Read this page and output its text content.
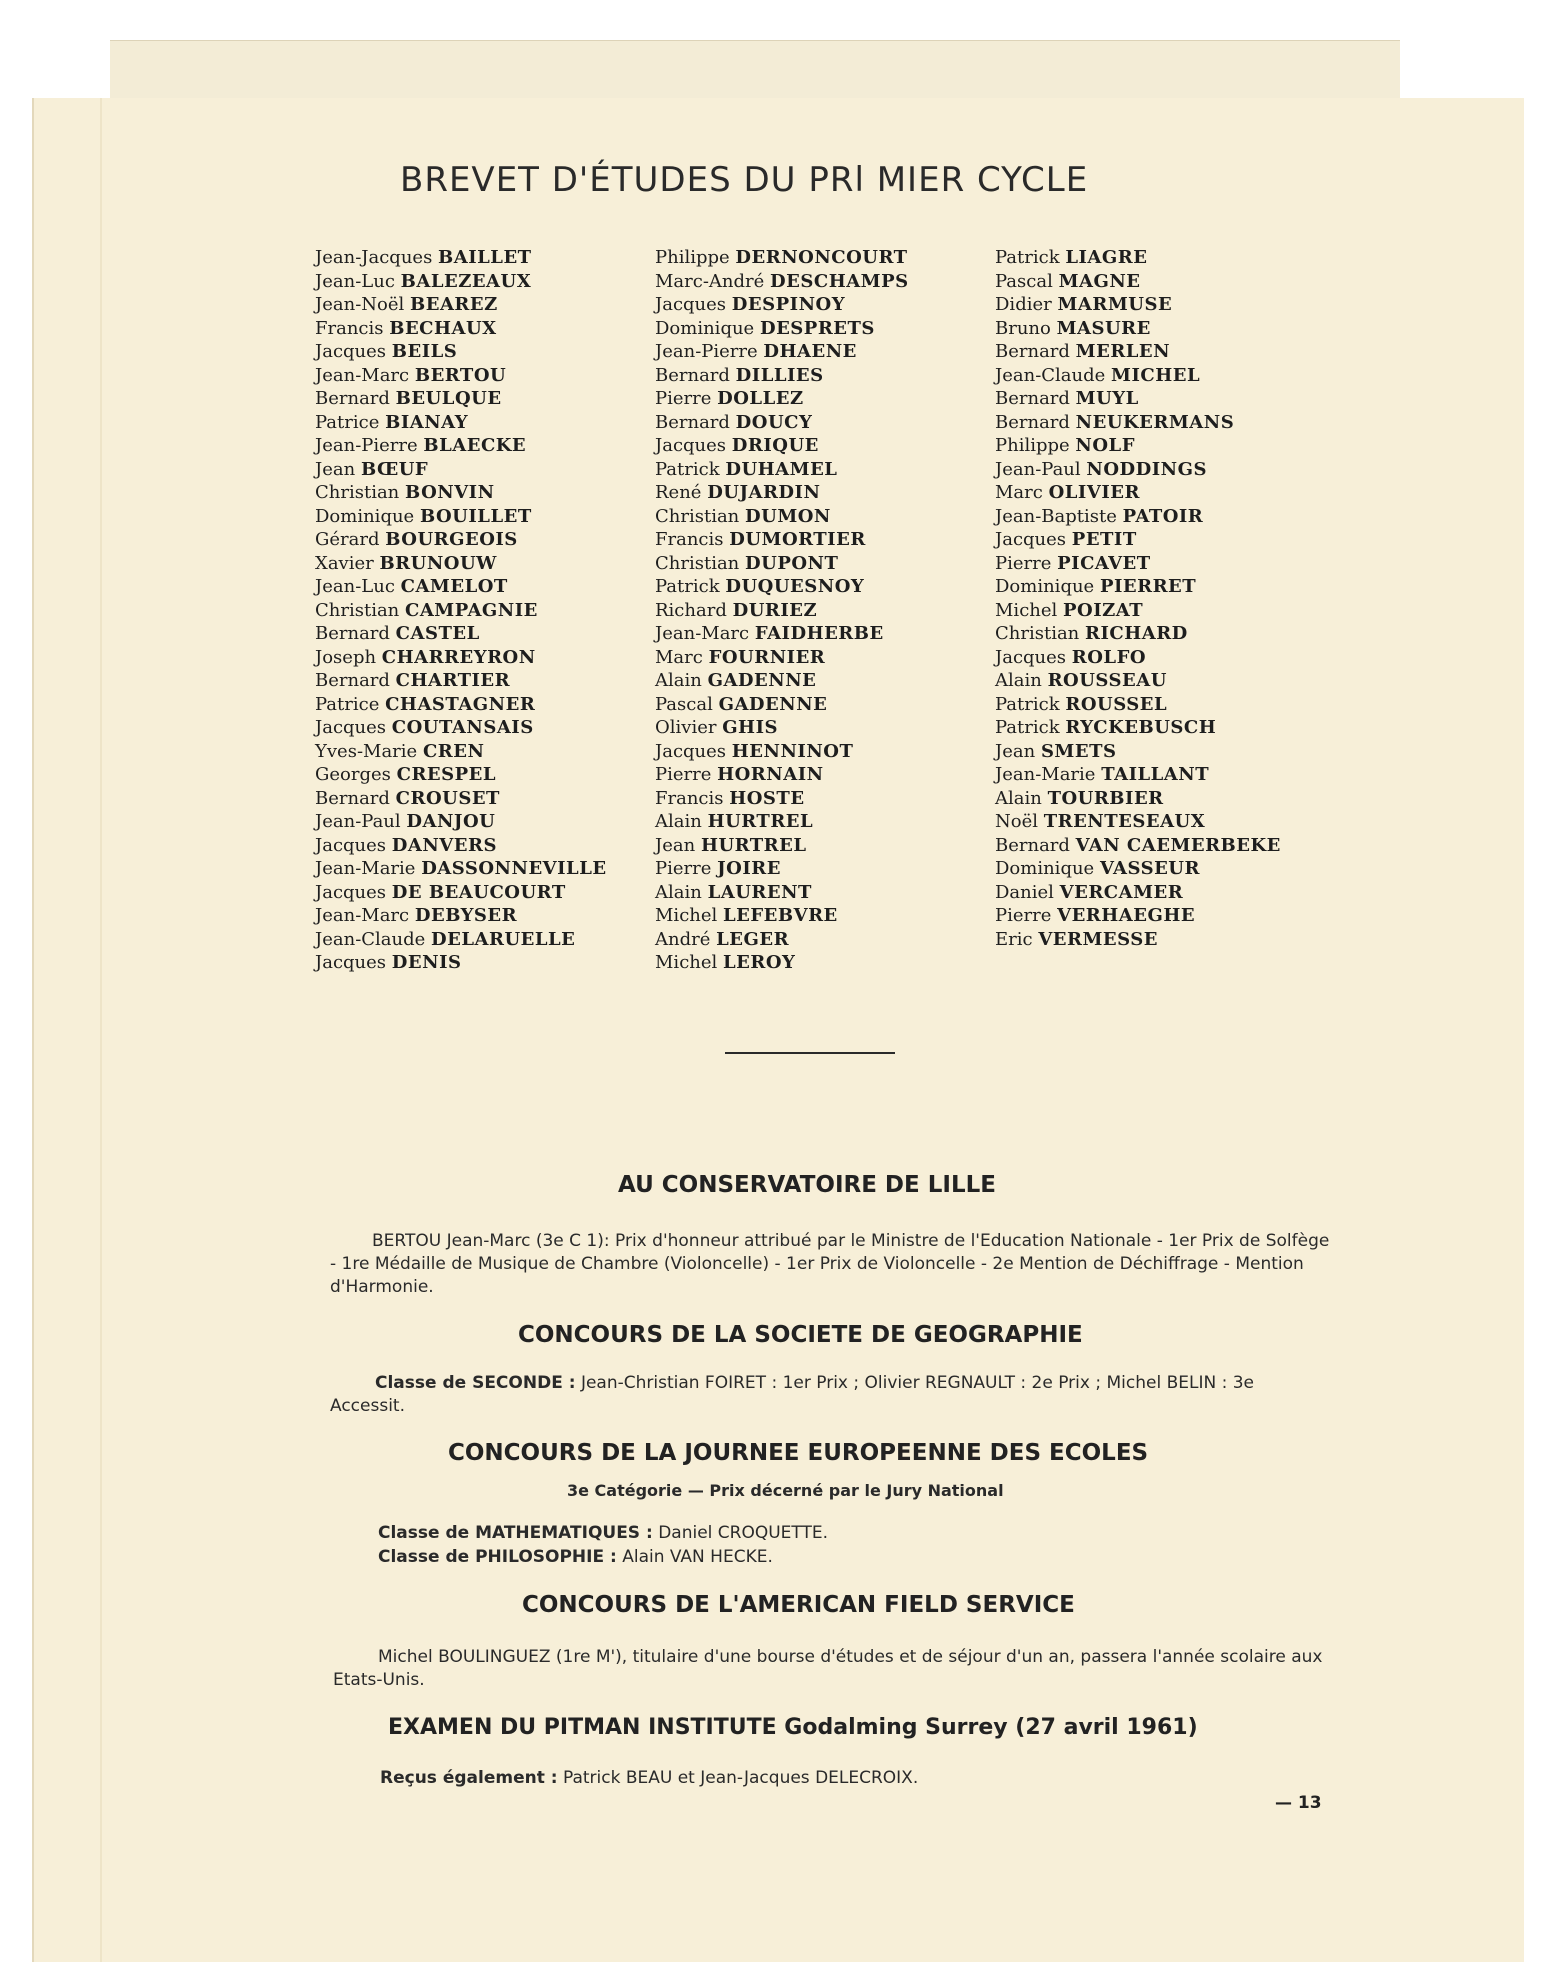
BREVET D'ÉTUDES DU PRl MIER CYCLE
Jean-Jacques BAILLET
Jean-Luc BALEZEAUX
Jean-Noël BEAREZ
Francis BECHAUX
Jacques BEILS
Jean-Marc BERTOU
Bernard BEULQUE
Patrice BIANAY
Jean-Pierre BLAECKE
Jean BŒUF
Christian BONVIN
Dominique BOUILLET
Gérard BOURGEOIS
Xavier BRUNOUW
Jean-Luc CAMELOT
Christian CAMPAGNIE
Bernard CASTEL
Joseph CHARREYRON
Bernard CHARTIER
Patrice CHASTAGNER
Jacques COUTANSAIS
Yves-Marie CREN
Georges CRESPEL
Bernard CROUSET
Jean-Paul DANJOU
Jacques DANVERS
Jean-Marie DASSONNEVILLE
Jacques DE BEAUCOURT
Jean-Marc DEBYSER
Jean-Claude DELARUELLE
Jacques DENIS
Philippe DERNONCOURT
Marc-André DESCHAMPS
Jacques DESPINOY
Dominique DESPRETS
Jean-Pierre DHAENE
Bernard DILLIES
Pierre DOLLEZ
Bernard DOUCY
Jacques DRIQUE
Patrick DUHAMEL
René DUJARDIN
Christian DUMON
Francis DUMORTIER
Christian DUPONT
Patrick DUQUESNOY
Richard DURIEZ
Jean-Marc FAIDHERBE
Marc FOURNIER
Alain GADENNE
Pascal GADENNE
Olivier GHIS
Jacques HENNINOT
Pierre HORNAIN
Francis HOSTE
Alain HURTREL
Jean HURTREL
Pierre JOIRE
Alain LAURENT
Michel LEFEBVRE
André LEGER
Michel LEROY
Patrick LIAGRE
Pascal MAGNE
Didier MARMUSE
Bruno MASURE
Bernard MERLEN
Jean-Claude MICHEL
Bernard MUYL
Bernard NEUKERMANS
Philippe NOLF
Jean-Paul NODDINGS
Marc OLIVIER
Jean-Baptiste PATOIR
Jacques PETIT
Pierre PICAVET
Dominique PIERRET
Michel POIZAT
Christian RICHARD
Jacques ROLFO
Alain ROUSSEAU
Patrick ROUSSEL
Patrick RYCKEBUSCH
Jean SMETS
Jean-Marie TAILLANT
Alain TOURBIER
Noël TRENTESEAUX
Bernard VAN CAEMERBEKE
Dominique VASSEUR
Daniel VERCAMER
Pierre VERHAEGHE
Eric VERMESSE
AU CONSERVATOIRE DE LILLE
BERTOU Jean-Marc (3e C 1): Prix d'honneur attribué par le Ministre de l'Education Nationale - 1er Prix de Solfège - 1re Médaille de Musique de Chambre (Violoncelle) - 1er Prix de Violoncelle - 2e Mention de Déchiffrage - Mention d'Harmonie.
CONCOURS DE LA SOCIETE DE GEOGRAPHIE
Classe de SECONDE : Jean-Christian FOIRET : 1er Prix ; Olivier REGNAULT : 2e Prix ; Michel BELIN : 3e Accessit.
CONCOURS DE LA JOURNEE EUROPEENNE DES ECOLES
3e Catégorie — Prix décerné par le Jury National
Classe de MATHEMATIQUES : Daniel CROQUETTE.
Classe de PHILOSOPHIE : Alain VAN HECKE.
CONCOURS DE L'AMERICAN FIELD SERVICE
Michel BOULINGUEZ (1re M'), titulaire d'une bourse d'études et de séjour d'un an, passera l'année scolaire aux Etats-Unis.
EXAMEN DU PITMAN INSTITUTE Godalming Surrey (27 avril 1961)
Reçus également : Patrick BEAU et Jean-Jacques DELECROIX.
— 13
